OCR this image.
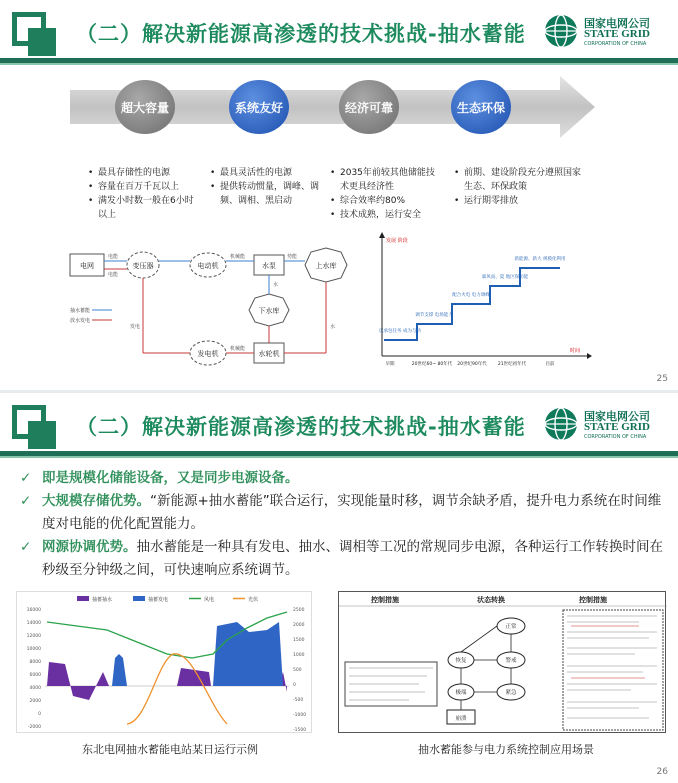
（二）解决新能源高渗透的技术挑战-抽水蓄能	国家电网公司
STATE GRID
CORPORATION OF CHINA
超大容量	系统友好	经济可靠	生态环保
• 最具存储性的电源
• 容量在百万千瓦以上
• 满发小时数一般在6小时以上
• 最具灵活性的电源
• 提供转动惯量，调峰、调频、调相、黑启动
• 2035年前较其他储能技术更具经济性
• 综合效率约80%
• 技术成熟，运行安全
• 前期、建设阶段充分遵照国家生态、环保政策
• 运行期零排放
电网	变压器	电动机	水泵	上水库
下水库
水轮机
发电机
电能
电能
机械能
机械能
势能
水
发电	水
抽水蓄能
放水发电
发展 阶段
时间
以承包任务 成为与功
调节支撑 电场能力
配合火电 电力调峰
暴风雨、夏 地区保功能
新能源、新大 规模化利用
早期	20世纪60~ 80年代 20世纪90年代 21世纪初年代	目前
25
（二）解决新能源高渗透的技术挑战-抽水蓄能	国家电网公司
STATE GRID
CORPORATION OF CHINA
✓ 即是规模化储能设备，又是同步电源设备。
✓ 大规模存储优势。“新能源+抽水蓄能”联合运行，实现能量时移，调节余缺矛盾，提升电力系统在时间维度对电能的优化配置能力。
✓ 网源协调优势。抽水蓄能是一种具有发电、抽水、调相等工况的常规同步电源，各种运行工作转换时间在秒级至分钟级之间，可快速响应系统调节。
抽蓄抽水	抽蓄发电	风电	光伏
16000
14000
12000
10000
8000
6000
4000
2000
0
-2000
2500
2000
1500
1000
500
0
-500
-1000
-1500
控制措施	状态转换	控制措施
正常
警戒
紧急
恢复
极端
崩溃
东北电网抽水蓄能电站某日运行示例	抽水蓄能参与电力系统控制应用场景
26
